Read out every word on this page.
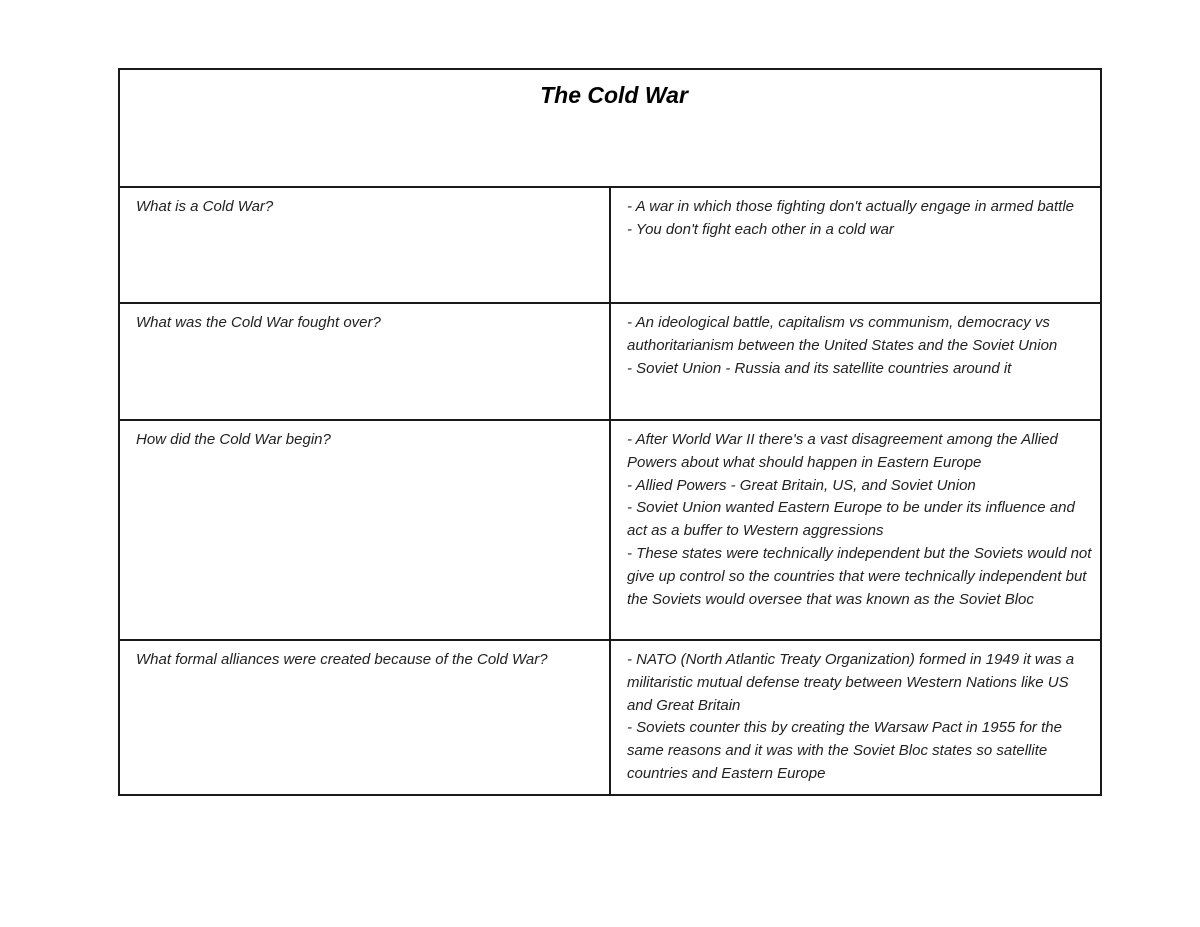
The Cold War	
What is a Cold War?	- A war in which those fighting don't actually engage in armed battle
- You don't fight each other in a cold war

What was the Cold War fought over?	- An ideological battle, capitalism vs communism, democracy vs authoritarianism between the United States and the Soviet Union
- Soviet Union - Russia and its satellite countries around it

How did the Cold War begin?	- After World War II there's a vast disagreement among the Allied Powers about what should happen in Eastern Europe
- Allied Powers - Great Britain, US, and Soviet Union
- Soviet Union wanted Eastern Europe to be under its influence and act as a buffer to Western aggressions
- These states were technically independent but the Soviets would not give up control so the countries that were technically independent but the Soviets would oversee that was known as the Soviet Bloc

What formal alliances were created because of the Cold War?	- NATO (North Atlantic Treaty Organization) formed in 1949 it was a militaristic mutual defense treaty between Western Nations like US and Great Britain
- Soviets counter this by creating the Warsaw Pact in 1955 for the same reasons and it was with the Soviet Bloc states so satellite countries and Eastern Europe
